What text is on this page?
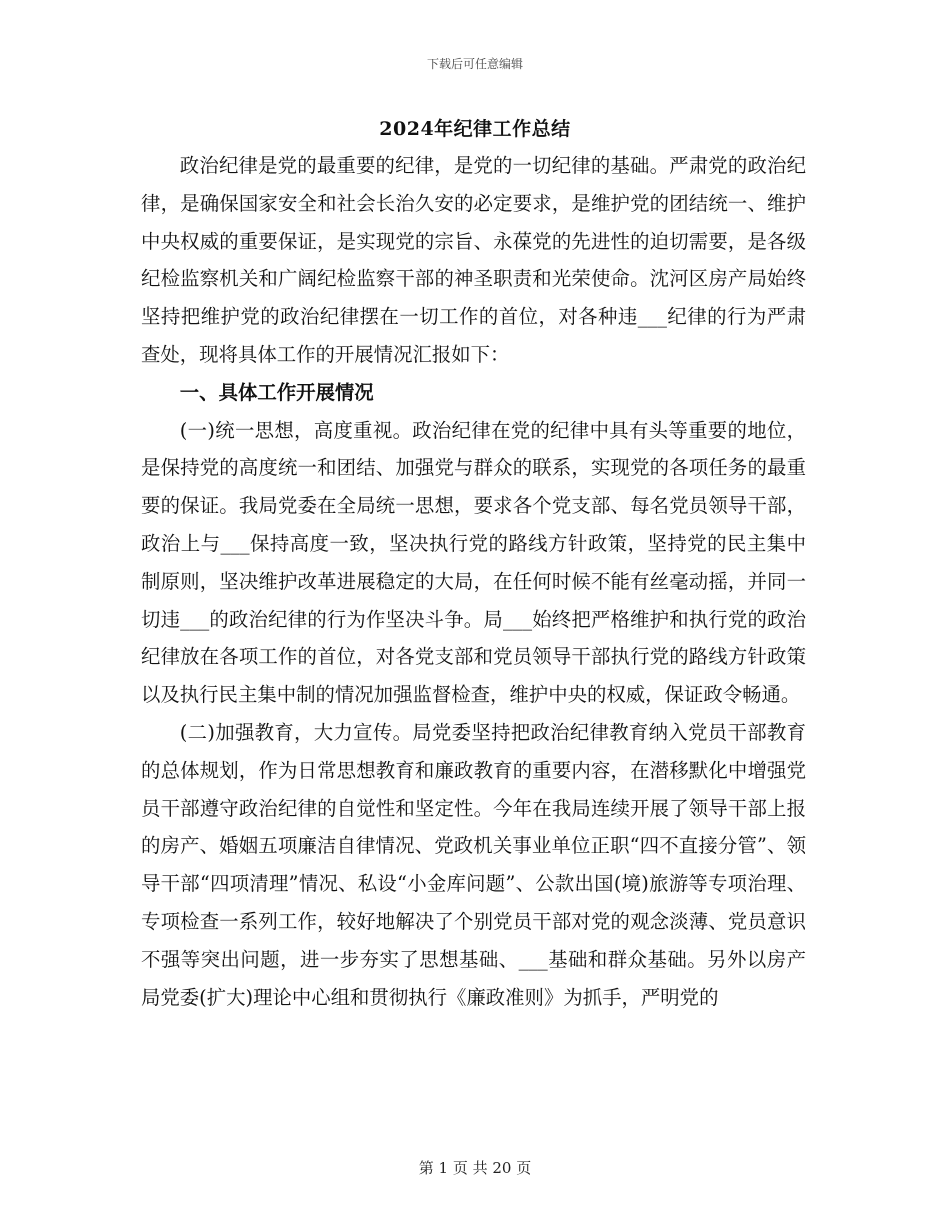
下载后可任意编辑
2024年纪律工作总结

政治纪律是党的最重要的纪律，是党的一切纪律的基础。严肃党的政治纪律，是确保国家安全和社会长治久安的必定要求，是维护党的团结统一、维护中央权威的重要保证，是实现党的宗旨、永葆党的先进性的迫切需要，是各级纪检监察机关和广阔纪检监察干部的神圣职责和光荣使命。沈河区房产局始终坚持把维护党的政治纪律摆在一切工作的首位，对各种违___纪律的行为严肃查处，现将具体工作的开展情况汇报如下：

一、具体工作开展情况

(一)统一思想，高度重视。政治纪律在党的纪律中具有头等重要的地位，是保持党的高度统一和团结、加强党与群众的联系，实现党的各项任务的最重要的保证。我局党委在全局统一思想，要求各个党支部、每名党员领导干部，政治上与___保持高度一致，坚决执行党的路线方针政策，坚持党的民主集中制原则，坚决维护改革进展稳定的大局，在任何时候不能有丝毫动摇，并同一切违___的政治纪律的行为作坚决斗争。局___始终把严格维护和执行党的政治纪律放在各项工作的首位，对各党支部和党员领导干部执行党的路线方针政策以及执行民主集中制的情况加强监督检查，维护中央的权威，保证政令畅通。

(二)加强教育，大力宣传。局党委坚持把政治纪律教育纳入党员干部教育的总体规划，作为日常思想教育和廉政教育的重要内容，在潜移默化中增强党员干部遵守政治纪律的自觉性和坚定性。今年在我局连续开展了领导干部上报的房产、婚姻五项廉洁自律情况、党政机关事业单位正职“四不直接分管”、领导干部“四项清理”情况、私设“小金库问题”、公款出国(境)旅游等专项治理、专项检查一系列工作，较好地解决了个别党员干部对党的观念淡薄、党员意识不强等突出问题，进一步夯实了思想基础、___基础和群众基础。另外以房产局党委(扩大)理论中心组和贯彻执行《廉政准则》为抓手，严明党的

第 1 页 共 20 页
